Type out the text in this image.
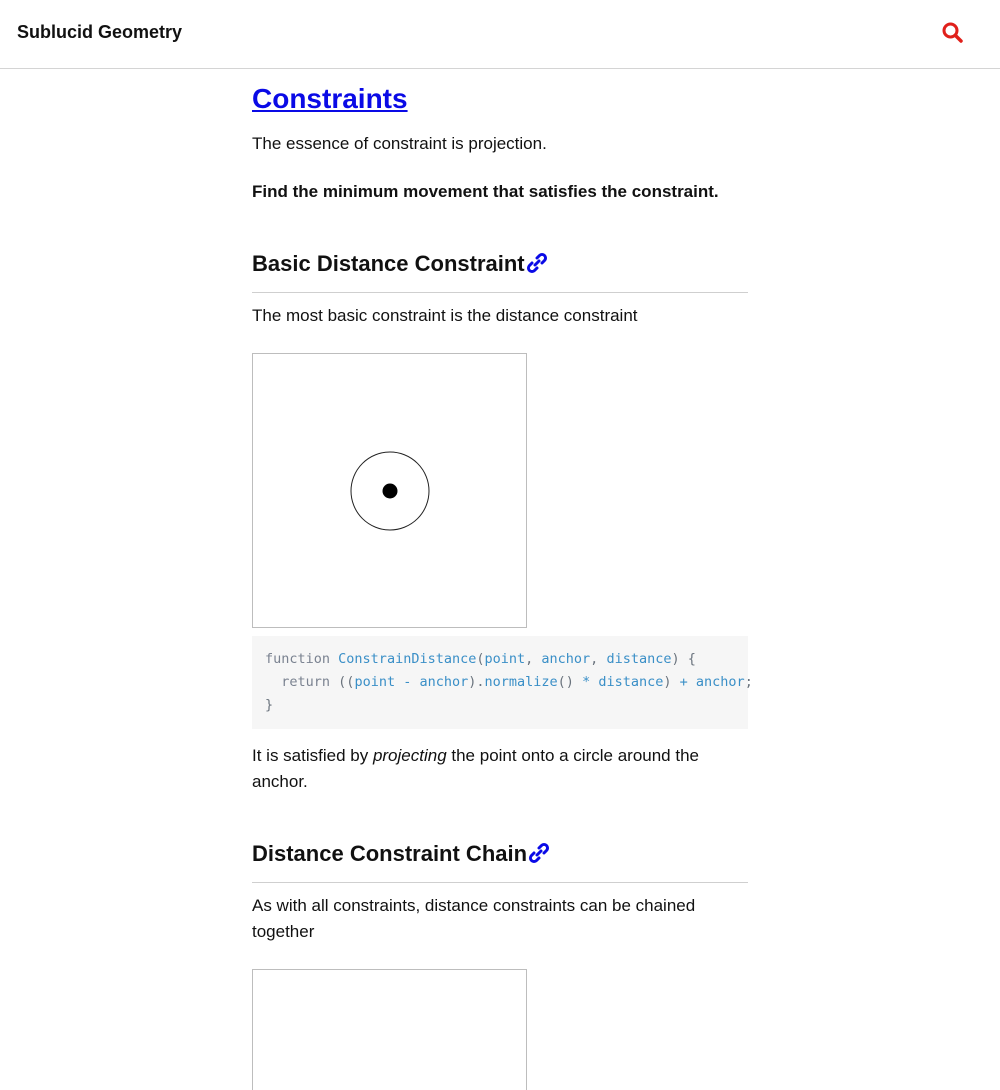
Sublucid Geometry
Constraints

The essence of constraint is projection.

Find the minimum movement that satisfies the constraint.

Basic Distance Constraint

The most basic constraint is the distance constraint

function ConstrainDistance(point, anchor, distance) {
return ((point - anchor).normalize() * distance) + anchor;
}

It is satisfied by projecting the point onto a circle around the anchor.

Distance Constraint Chain

As with all constraints, distance constraints can be chained together
